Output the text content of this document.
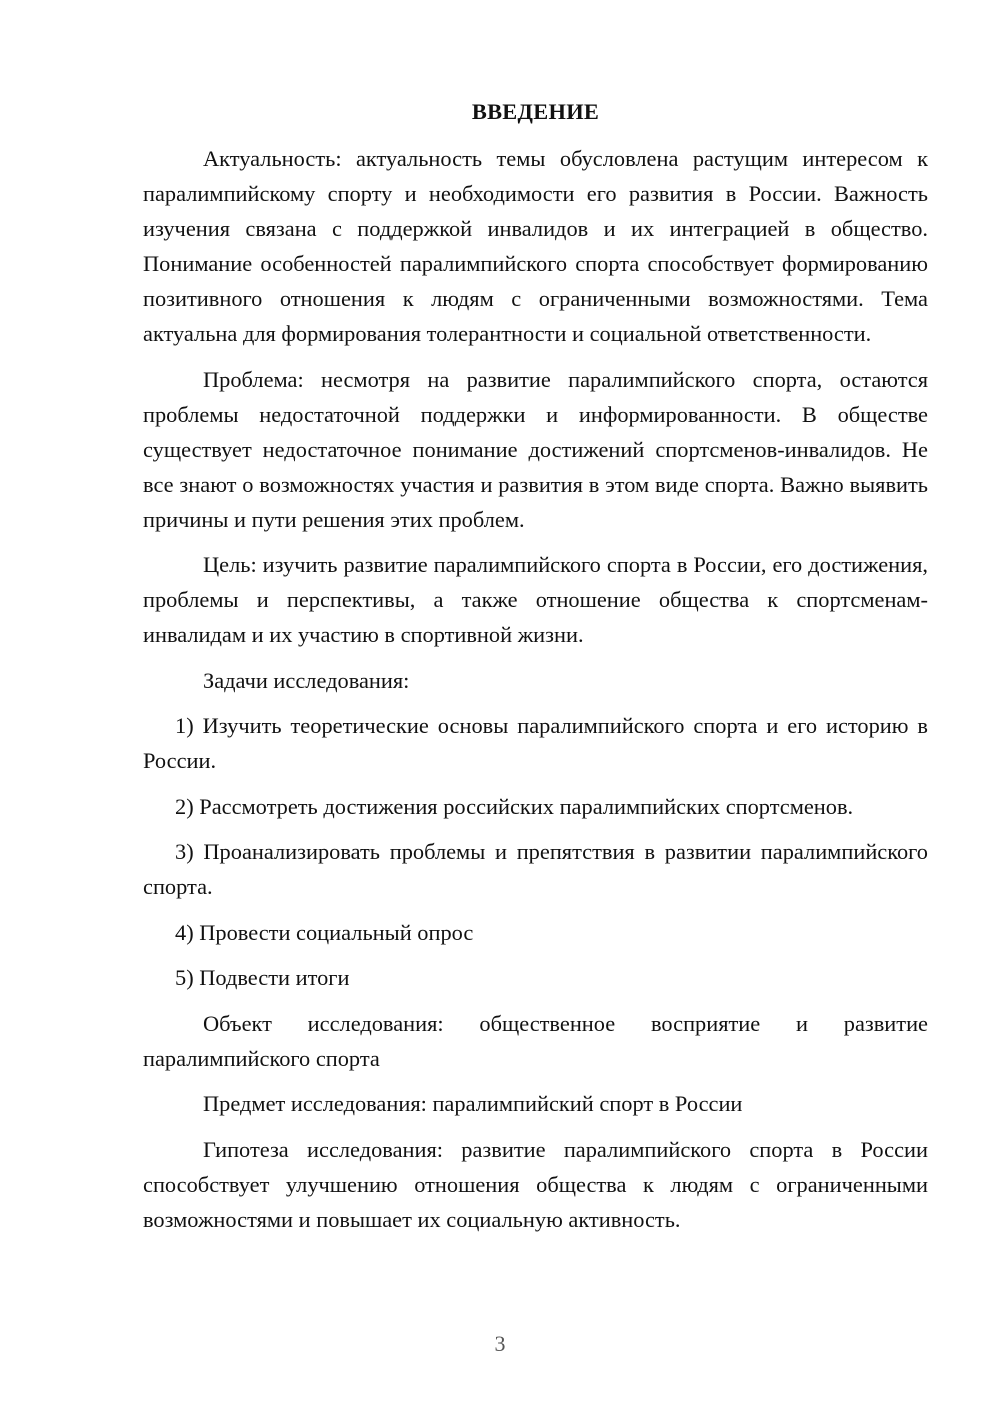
ВВЕДЕНИЕ

Актуальность: актуальность темы обусловлена растущим интересом к паралимпийскому спорту и необходимости его развития в России. Важность изучения связана с поддержкой инвалидов и их интеграцией в общество. Понимание особенностей паралимпийского спорта способствует формированию позитивного отношения к людям с ограниченными возможностями. Тема актуальна для формирования толерантности и социальной ответственности.

Проблема: несмотря на развитие паралимпийского спорта, остаются проблемы недостаточной поддержки и информированности. В обществе существует недостаточное понимание достижений спортсменов-инвалидов. Не все знают о возможностях участия и развития в этом виде спорта. Важно выявить причины и пути решения этих проблем.

Цель: изучить развитие паралимпийского спорта в России, его достижения, проблемы и перспективы, а также отношение общества к спортсменам-инвалидам и их участию в спортивной жизни.

Задачи исследования:

1) Изучить теоретические основы паралимпийского спорта и его историю в России.

2) Рассмотреть достижения российских паралимпийских спортсменов.

3) Проанализировать проблемы и препятствия в развитии паралимпийского спорта.

4) Провести социальный опрос

5) Подвести итоги

Объект исследования: общественное восприятие и развитие паралимпийского спорта

Предмет исследования: паралимпийский спорт в России

Гипотеза исследования: развитие паралимпийского спорта в России способствует улучшению отношения общества к людям с ограниченными возможностями и повышает их социальную активность.

3
